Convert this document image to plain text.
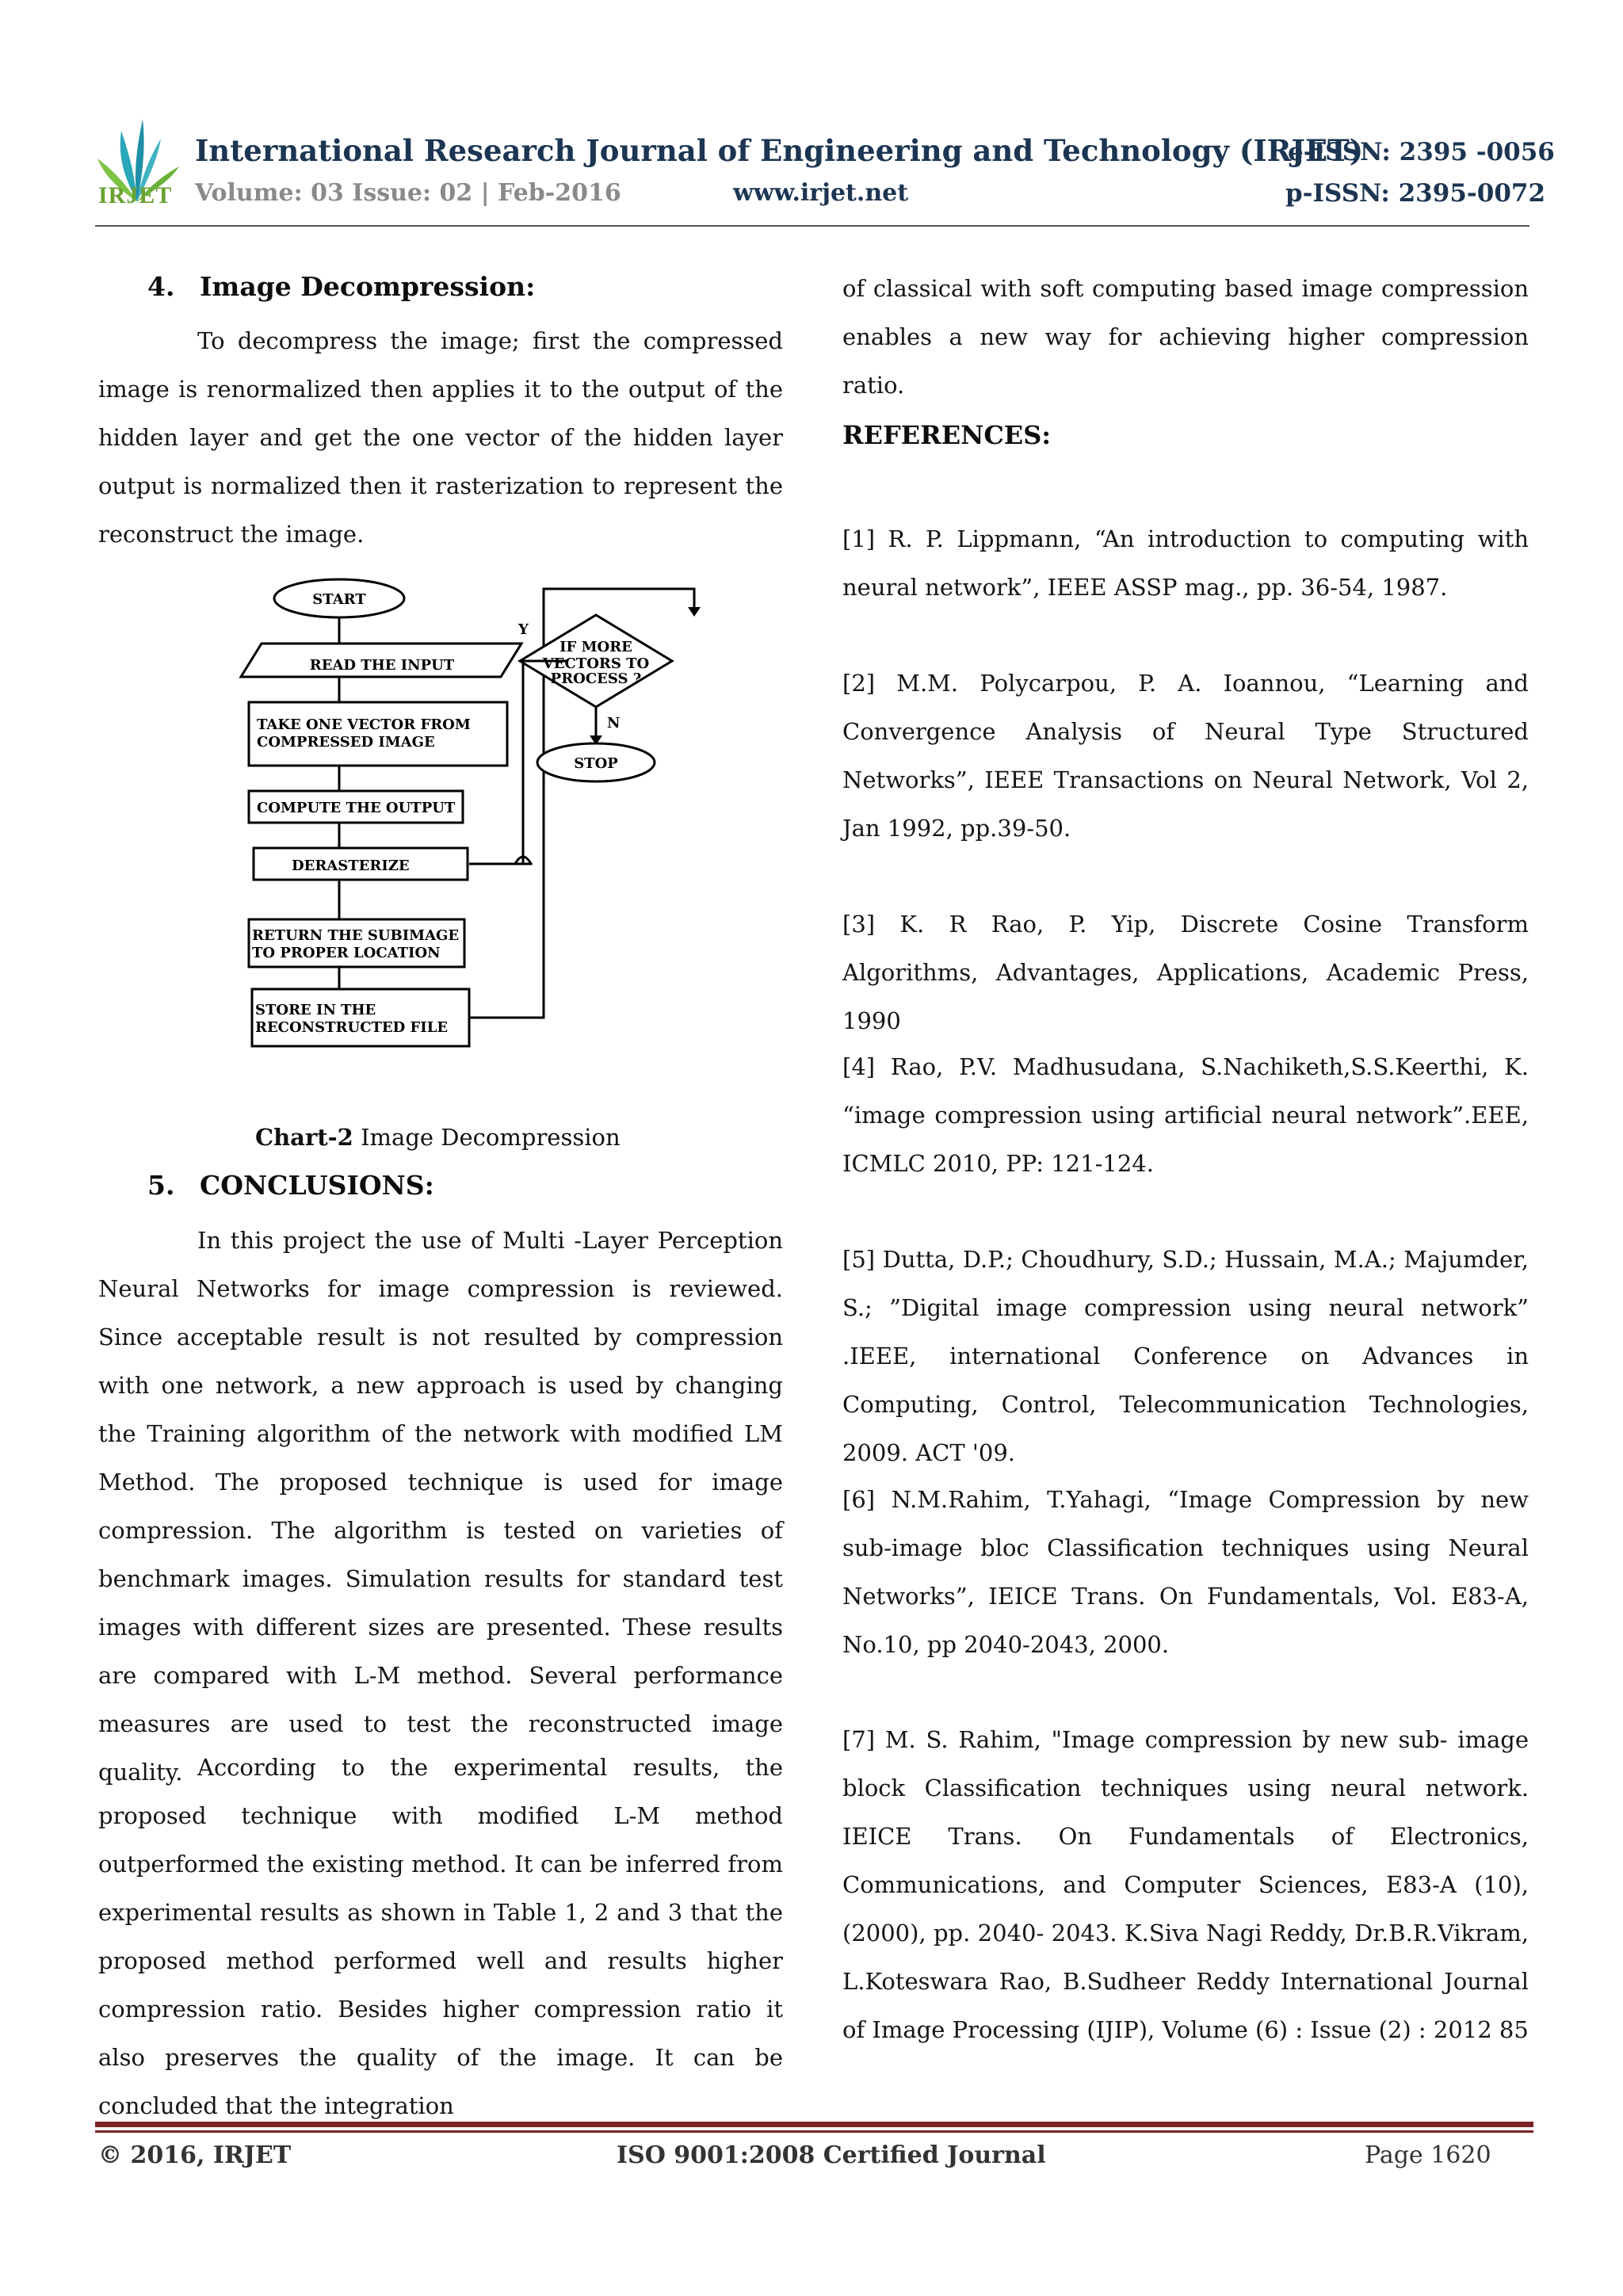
IRJET
International Research Journal of Engineering and Technology (IRJET)
e-ISSN: 2395 -0056
Volume: 03 Issue: 02 | Feb-2016	www.irjet.net	p-ISSN: 2395-0072
4. Image Decompression:

To decompress the image; first the compressed image is renormalized then applies it to the output of the hidden layer and get the one vector of the hidden layer output is normalized then it rasterization to represent the reconstruct the image.

START
READ THE INPUT
TAKE ONE VECTOR FROM
COMPRESSED IMAGE
COMPUTE THE OUTPUT
DERASTERIZE
RETURN THE SUBIMAGE
TO PROPER LOCATION
STORE IN THE
RECONSTRUCTED FILE
IF MORE
VECTORS TO
PROCESS ?
Y
N
STOP
Chart-2 Image Decompression
5. CONCLUSIONS:

In this project the use of Multi -Layer Perception Neural Networks for image compression is reviewed. Since acceptable result is not resulted by compression with one network, a new approach is used by changing the Training algorithm of the network with modified LM Method. The proposed technique is used for image compression. The algorithm is tested on varieties of benchmark images. Simulation results for standard test images with different sizes are presented. These results are compared with L-M method. Several performance measures are used to test the reconstructed image quality. According to the experimental results, the proposed technique with modified L-M method outperformed the existing method. It can be inferred from experimental results as shown in Table 1, 2 and 3 that the proposed method performed well and results higher compression ratio. Besides higher compression ratio it also preserves the quality of the image. It can be concluded that the integration

of classical with soft computing based image compression enables a new way for achieving higher compression ratio.

REFERENCES:

[1] R. P. Lippmann, “An introduction to computing with neural network”, IEEE ASSP mag., pp. 36-54, 1987.

[2] M.M. Polycarpou, P. A. Ioannou, “Learning and Convergence Analysis of Neural Type Structured Networks”, IEEE Transactions on Neural Network, Vol 2, Jan 1992, pp.39-50.

[3] K. R Rao, P. Yip, Discrete Cosine Transform Algorithms, Advantages, Applications, Academic Press, 1990

[4] Rao, P.V. Madhusudana, S.Nachiketh,S.S.Keerthi, K. “image compression using artificial neural network”.EEE, ICMLC 2010, PP: 121-124.

[5] Dutta, D.P.; Choudhury, S.D.; Hussain, M.A.; Majumder, S.; ”Digital image compression using neural network” .IEEE, international Conference on Advances in Computing, Control, Telecommunication Technologies, 2009. ACT '09.

[6] N.M.Rahim, T.Yahagi, “Image Compression by new sub-image bloc Classification techniques using Neural Networks”, IEICE Trans. On Fundamentals, Vol. E83-A, No.10, pp 2040-2043, 2000.

[7] M. S. Rahim, "Image compression by new sub- image block Classification techniques using neural network. IEICE Trans. On Fundamentals of Electronics, Communications, and Computer Sciences, E83-A (10), (2000), pp. 2040- 2043. K.Siva Nagi Reddy, Dr.B.R.Vikram, L.Koteswara Rao, B.Sudheer Reddy International Journal of Image Processing (IJIP), Volume (6) : Issue (2) : 2012 85

© 2016, IRJET	ISO 9001:2008 Certified Journal	Page 1620
